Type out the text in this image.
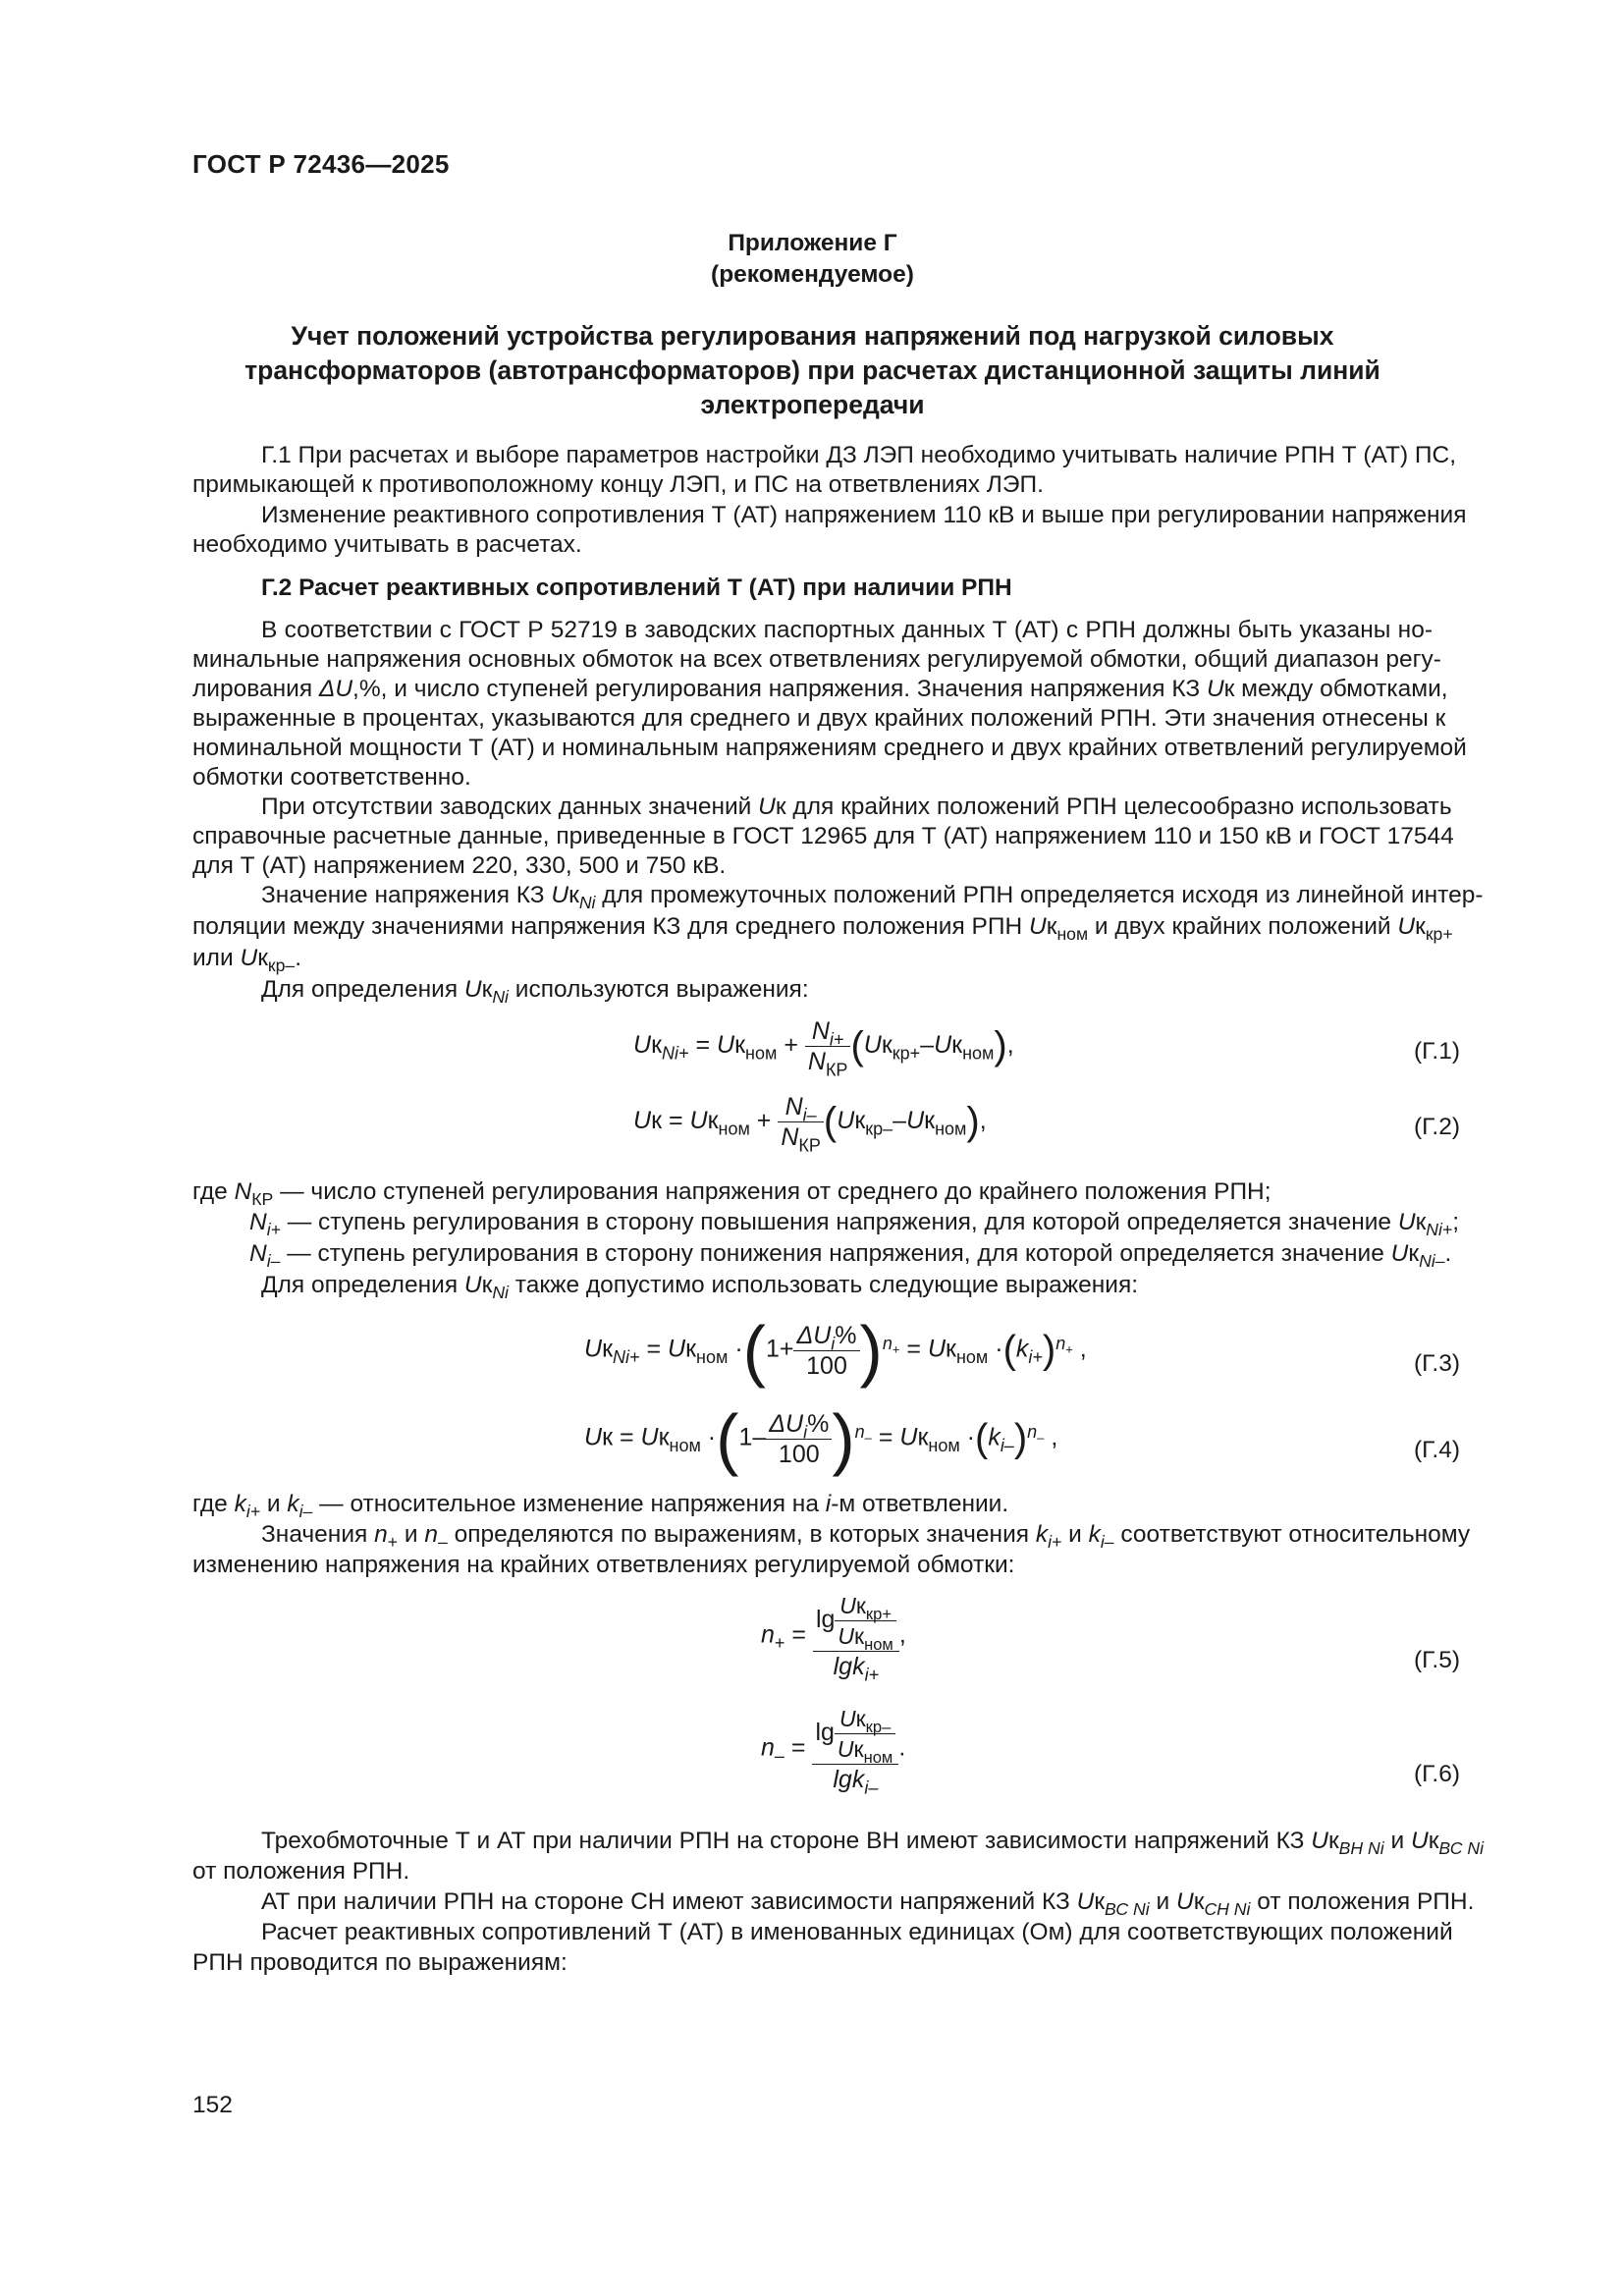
ГОСТ Р 72436—2025
Приложение Г
(рекомендуемое)
Учет положений устройства регулирования напряжений под нагрузкой силовых
трансформаторов (автотрансформаторов) при расчетах дистанционной защиты линий
электропередачи
Г.1 При расчетах и выборе параметров настройки ДЗ ЛЭП необходимо учитывать наличие РПН Т (АТ) ПС,
примыкающей к противоположному концу ЛЭП, и ПС на ответвлениях ЛЭП.
Изменение реактивного сопротивления Т (АТ) напряжением 110 кВ и выше при регулировании напряжения
необходимо учитывать в расчетах.
Г.2 Расчет реактивных сопротивлений Т (АТ) при наличии РПН
В соответствии с ГОСТ Р 52719 в заводских паспортных данных Т (АТ) с РПН должны быть указаны но-
минальные напряжения основных обмоток на всех ответвлениях регулируемой обмотки, общий диапазон регу-
лирования ΔU,%, и число ступеней регулирования напряжения. Значения напряжения КЗ Uк между обмотками,
выраженные в процентах, указываются для среднего и двух крайних положений РПН. Эти значения отнесены к
номинальной мощности Т (АТ) и номинальным напряжениям среднего и двух крайних ответвлений регулируемой
обмотки соответственно.
При отсутствии заводских данных значений Uк для крайних положений РПН целесообразно использовать
справочные расчетные данные, приведенные в ГОСТ 12965 для Т (АТ) напряжением 110 и 150 кВ и ГОСТ 17544
для Т (АТ) напряжением 220, 330, 500 и 750 кВ.
Значение напряжения КЗ $Uк_{Ni}$ для промежуточных положений РПН определяется исходя из линейной интер-
поляции между значениями напряжения КЗ для среднего положения РПН $Uк_{ном}$ и двух крайних положений $Uк_{кр+}$
или $Uк_{кр-}$.
Для определения $Uк_{Ni}$ используются выражения:
$Uк_{Ni+} = Uк_{ном} + \frac{N_{i+}}{N_{КР}} (Uк_{кр+}-Uк_{ном})$,	(Г.1)
Uк = $Uк_{ном} + \frac{N_{i-}}{N_{КР}} (Uк_{кр-}-Uк_{ном})$,	(Г.2)
где $N_{КР}$ — число ступеней регулирования напряжения от среднего до крайнего положения РПН;
$N_{i+}$ — ступень регулирования в сторону повышения напряжения, для которой определяется значение $Uк_{Ni+}$;
$N_{i-}$ — ступень регулирования в сторону понижения напряжения, для которой определяется значение $Uк_{Ni-}$.
Для определения $Uк_{Ni}$ также допустимо использовать следующие выражения:
$Uк_{Ni+} = Uк_{ном} \cdot(1+ \frac{\Delta U_i\%}{100} )^{n_+} = Uк_{ном} \cdot(k_{i+})^{n_+}$ ,
(Г.3)
Uк = $Uк_{ном} \cdot(1- \frac{\Delta U_i\%}{100} )^{n_-} = Uк_{ном} \cdot(k_{i-})^{n_-}$ ,	(Г.4)
где $k_{i+}$ и $k_{i-}$ — относительное изменение напряжения на i-м ответвлении.
Значения $n_+$ и $n_-$ определяются по выражениям, в которых значения $k_{i+}$ и $k_{i-}$ соответствуют относительному
изменению напряжения на крайних ответвлениях регулируемой обмотки:
$n_+ = \frac{\lg \frac{Uк_{кр+}}{Uк_{ном}}}{\lg k_{i+}}$ ,
(Г.5)
$n_- = \frac{\lg \frac{Uк_{кр-}}{Uк_{ном}}}{\lg k_{i-}}$ .
(Г.6)
Трехобмоточные Т и АТ при наличии РПН на стороне ВН имеют зависимости напряжений КЗ $Uк_{ВН Ni}$ и $Uк_{ВС Ni}$
от положения РПН.
АТ при наличии РПН на стороне СН имеют зависимости напряжений КЗ $Uк_{ВС Ni}$ и $Uк_{СН Ni}$ от положения РПН.
Расчет реактивных сопротивлений Т (АТ) в именованных единицах (Ом) для соответствующих положений
РПН проводится по выражениям:
152
